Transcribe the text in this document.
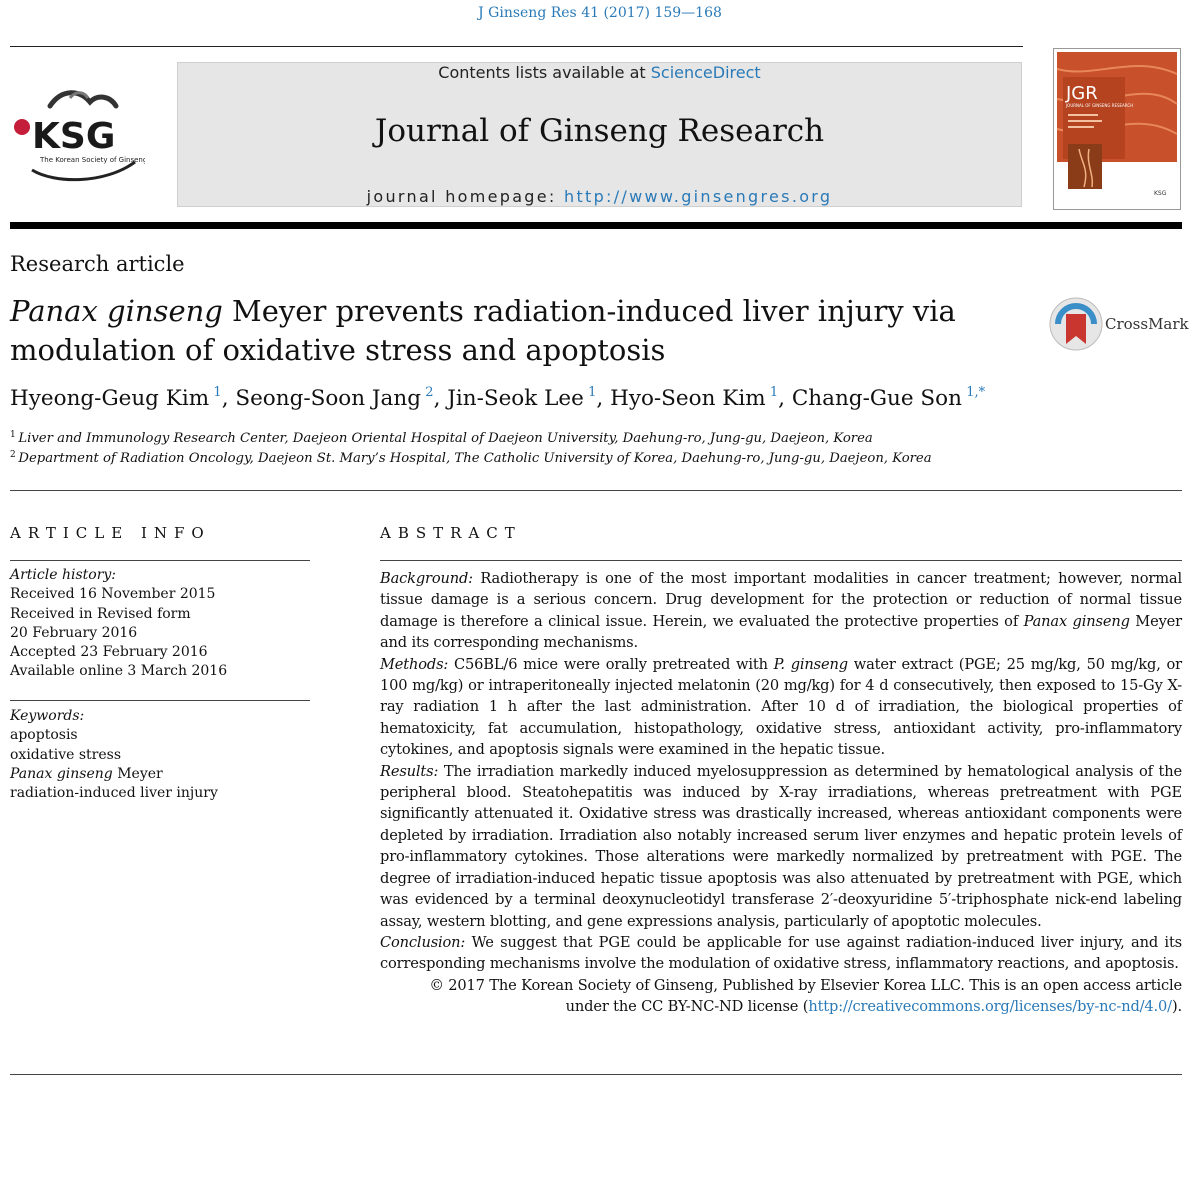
J Ginseng Res 41 (2017) 159—168
KSG
The Korean Society of Ginseng
Contents lists available at ScienceDirect
Journal of Ginseng Research
journal homepage: http://www.ginsengres.org
JGR
JOURNAL OF GINSENG RESEARCH
KSG
Research article
Panax ginseng Meyer prevents radiation-induced liver injury via
modulation of oxidative stress and apoptosis
CrossMark
Hyeong-Geug Kim  $^1$, Seong-Soon Jang  $^2$, Jin-Seok Lee  $^1$, Hyo-Seon Kim  $^1$, Chang-Gue Son  $^{1,*}$
$^1$  Liver and Immunology Research Center, Daejeon Oriental Hospital of Daejeon University, Daehung-ro, Jung-gu, Daejeon, Korea
$^2$  Department of Radiation Oncology, Daejeon St. Mary’s Hospital, The Catholic University of Korea, Daehung-ro, Jung-gu, Daejeon, Korea
ARTICLE INFO
Article history:
Received 16 November 2015
Received in Revised form
20 February 2016
Accepted 23 February 2016
Available online 3 March 2016
Keywords:
apoptosis
oxidative stress
Panax ginseng Meyer
radiation-induced liver injury
ABSTRACT

Background: Radiotherapy is one of the most important modalities in cancer treatment; however, normal tissue damage is a serious concern. Drug development for the protection or reduction of normal tissue damage is therefore a clinical issue. Herein, we evaluated the protective properties of Panax ginseng Meyer and its corresponding mechanisms.

Methods: C56BL/6 mice were orally pretreated with P. ginseng water extract (PGE; 25 mg/kg, 50 mg/kg, or 100 mg/kg) or intraperitoneally injected melatonin (20 mg/kg) for 4 d consecutively, then exposed to 15-Gy X-ray radiation 1 h after the last administration. After 10 d of irradiation, the biological properties of hematoxicity, fat accumulation, histopathology, oxidative stress, antioxidant activity, pro-inflammatory cytokines, and apoptosis signals were examined in the hepatic tissue.

Results: The irradiation markedly induced myelosuppression as determined by hematological analysis of the peripheral blood. Steatohepatitis was induced by X-ray irradiations, whereas pretreatment with PGE significantly attenuated it. Oxidative stress was drastically increased, whereas antioxidant components were depleted by irradiation. Irradiation also notably increased serum liver enzymes and hepatic protein levels of pro-inflammatory cytokines. Those alterations were markedly normalized by pretreatment with PGE. The degree of irradiation-induced hepatic tissue apoptosis was also attenuated by pretreatment with PGE, which was evidenced by a terminal deoxynucleotidyl transferase 2′-deoxyuridine 5′-triphosphate nick-end labeling assay, western blotting, and gene expressions analysis, particularly of apoptotic molecules.

Conclusion: We suggest that PGE could be applicable for use against radiation-induced liver injury, and its corresponding mechanisms involve the modulation of oxidative stress, inflammatory reactions, and apoptosis.

© 2017 The Korean Society of Ginseng, Published by Elsevier Korea LLC. This is an open access article
under the CC BY-NC-ND license (http://creativecommons.org/licenses/by-nc-nd/4.0/).
